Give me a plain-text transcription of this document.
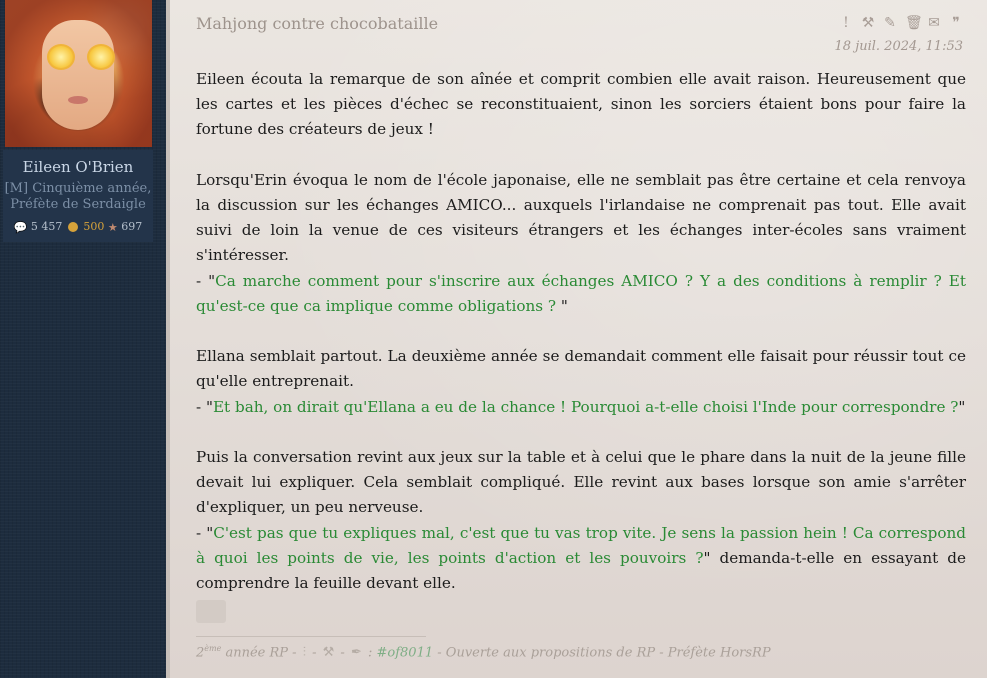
Eileen O'Brien
[M] Cinquième année,
Préfète de Serdaigle
💬 5 457 500 ★ 697
Mahjong contre chocobataille	! ⚒ ✎ 🗑 ✉ ❞
18 juil. 2024, 11:53

Eileen écouta la remarque de son aînée et comprit combien elle avait raison. Heureusement que les cartes et les pièces d'échec se reconstituaient, sinon les sorciers étaient bons pour faire la fortune des créateurs de jeux !

Lorsqu'Erin évoqua le nom de l'école japonaise, elle ne semblait pas être certaine et cela renvoya la discussion sur les échanges AMICO... auxquels l'irlandaise ne comprenait pas tout. Elle avait suivi de loin la venue de ces visiteurs étrangers et les échanges inter-écoles sans vraiment s'intéresser.

- "Ca marche comment pour s'inscrire aux échanges AMICO ? Y a des conditions à remplir ? Et qu'est-ce que ca implique comme obligations ? "

Ellana semblait partout. La deuxième année se demandait comment elle faisait pour réussir tout ce qu'elle entreprenait.

- "Et bah, on dirait qu'Ellana a eu de la chance ! Pourquoi a-t-elle choisi l'Inde pour correspondre ?"

Puis la conversation revint aux jeux sur la table et à celui que le phare dans la nuit de la jeune fille devait lui expliquer. Cela semblait compliqué. Elle revint aux bases lorsque son amie s'arrêter d'expliquer, un peu nerveuse.

- "C'est pas que tu expliques mal, c'est que tu vas trop vite. Je sens la passion hein ! Ca correspond à quoi les points de vie, les points d'action et les pouvoirs ?" demanda-t-elle en essayant de comprendre la feuille devant elle.

2ème année RP - ⫶ - ⚒ - ✒ : #of8011 - Ouverte aux propositions de RP - Préfète HorsRP
